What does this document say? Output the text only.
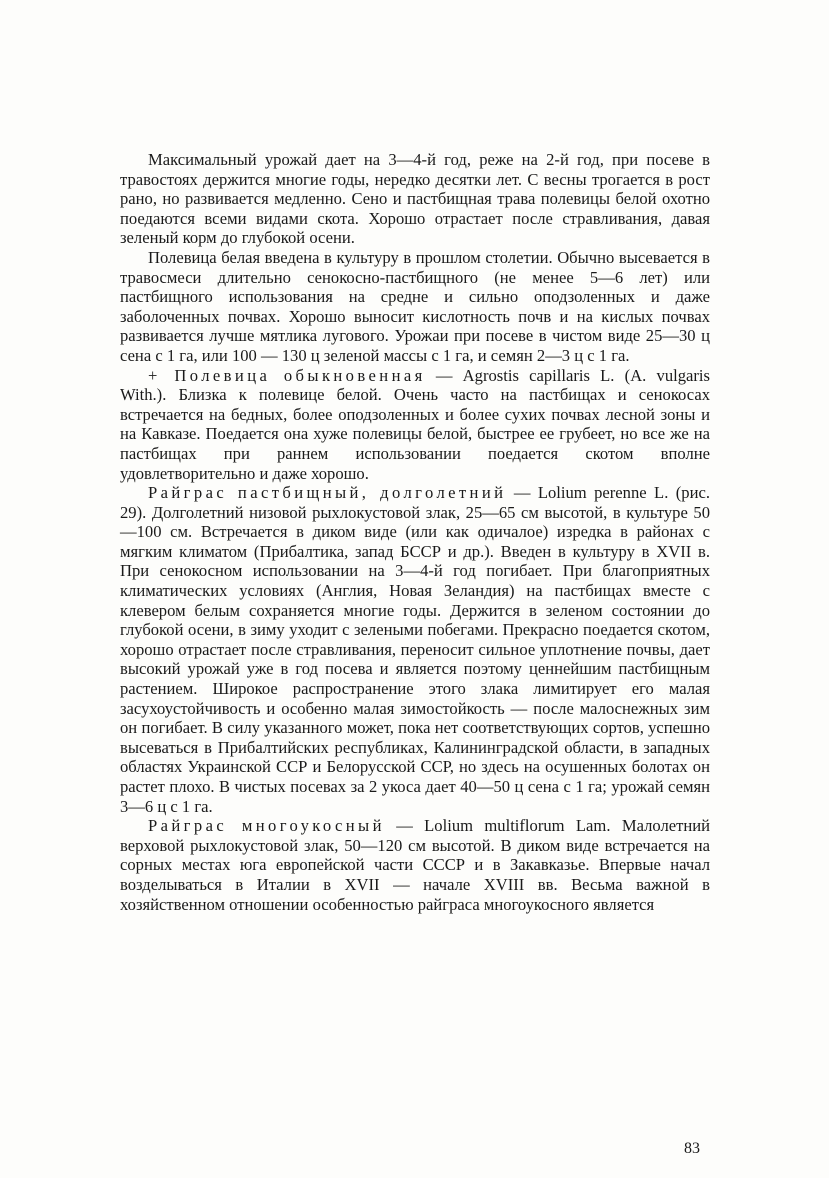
Максимальный урожай дает на 3—4-й год, реже на 2-й год, при посеве в травостоях держится многие годы, нередко десятки лет. С весны трогается в рост рано, но развивается медленно. Сено и пастбищная трава полевицы белой охотно поедаются всеми видами скота. Хорошо отрастает после стравливания, давая зеленый корм до глубокой осени.

Полевица белая введена в культуру в прошлом столетии. Обычно высевается в травосмеси длительно сенокосно-пастбищного (не менее 5—6 лет) или пастбищного использования на средне и сильно оподзоленных и даже заболоченных почвах. Хорошо выносит кислотность почв и на кислых почвах развивается лучше мятлика лугового. Урожаи при посеве в чистом виде 25—30 ц сена с 1 га, или 100 — 130 ц зеленой массы с 1 га, и семян 2—3 ц с 1 га.

+ Полевица обыкновенная — Agrostis capillaris L. (A. vulgaris With.). Близка к полевице белой. Очень часто на пастбищах и сенокосах встречается на бедных, более оподзоленных и более сухих почвах лесной зоны и на Кавказе. Поедается она хуже полевицы белой, быстрее ее грубеет, но все же на пастбищах при раннем использовании поедается скотом вполне удовлетворительно и даже хорошо.

Райграс пастбищный, долголетний — Lolium perenne L. (рис. 29). Долголетний низовой рыхлокустовой злак, 25—65 см высотой, в культуре 50—100 см. Встречается в диком виде (или как одичалое) изредка в районах с мягким климатом (Прибалтика, запад БССР и др.). Введен в культуру в XVII в. При сенокосном использовании на 3—4-й год погибает. При благоприятных климатических условиях (Англия, Новая Зеландия) на пастбищах вместе с клевером белым сохраняется многие годы. Держится в зеленом состоянии до глубокой осени, в зиму уходит с зелеными побегами. Прекрасно поедается скотом, хорошо отрастает после стравливания, переносит сильное уплотнение почвы, дает высокий урожай уже в год посева и является поэтому ценнейшим пастбищным растением. Широкое распространение этого злака лимитирует его малая засухоустойчивость и особенно малая зимостойкость — после малоснежных зим он погибает. В силу указанного может, пока нет соответствующих сортов, успешно высеваться в Прибалтийских республиках, Калининградской области, в западных областях Украинской ССР и Белорусской ССР, но здесь на осушенных болотах он растет плохо. В чистых посевах за 2 укоса дает 40—50 ц сена с 1 га; урожай семян 3—6 ц с 1 га.

Райграс многоукосный — Lolium multiflorum Lam. Малолетний верховой рыхлокустовой злак, 50—120 см высотой. В диком виде встречается на сорных местах юга европейской части СССР и в Закавказье. Впервые начал возделываться в Италии в XVII — начале XVIII вв. Весьма важной в хозяйственном отношении особенностью райграса многоукосного является

83
